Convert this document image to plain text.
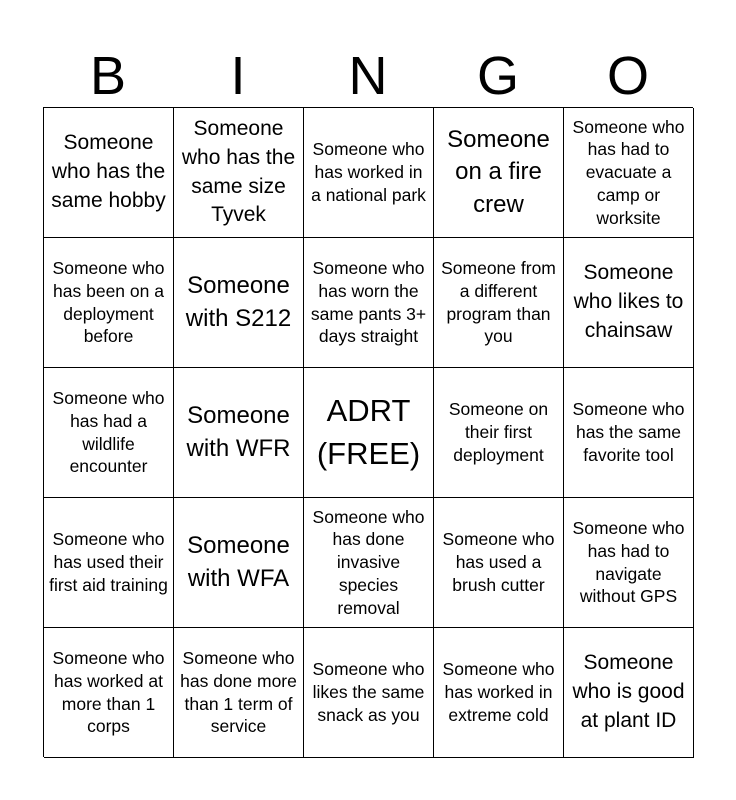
B	I	N	G	O
Someone who has the same hobby
Someone who has the same size Tyvek
Someone who has worked in a national park
Someone on a fire crew
Someone who has had to evacuate a camp or worksite
Someone who has been on a deployment before
Someone with S212
Someone who has worn the same pants 3+ days straight
Someone from a different program than you
Someone who likes to chainsaw
Someone who has had a wildlife encounter
Someone with WFR
ADRT (FREE)
Someone on their first deployment
Someone who has the same favorite tool
Someone who has used their first aid training
Someone with WFA
Someone who has done invasive species removal
Someone who has used a brush cutter
Someone who has had to navigate without GPS
Someone who has worked at more than 1 corps
Someone who has done more than 1 term of service
Someone who likes the same snack as you
Someone who has worked in extreme cold
Someone who is good at plant ID
